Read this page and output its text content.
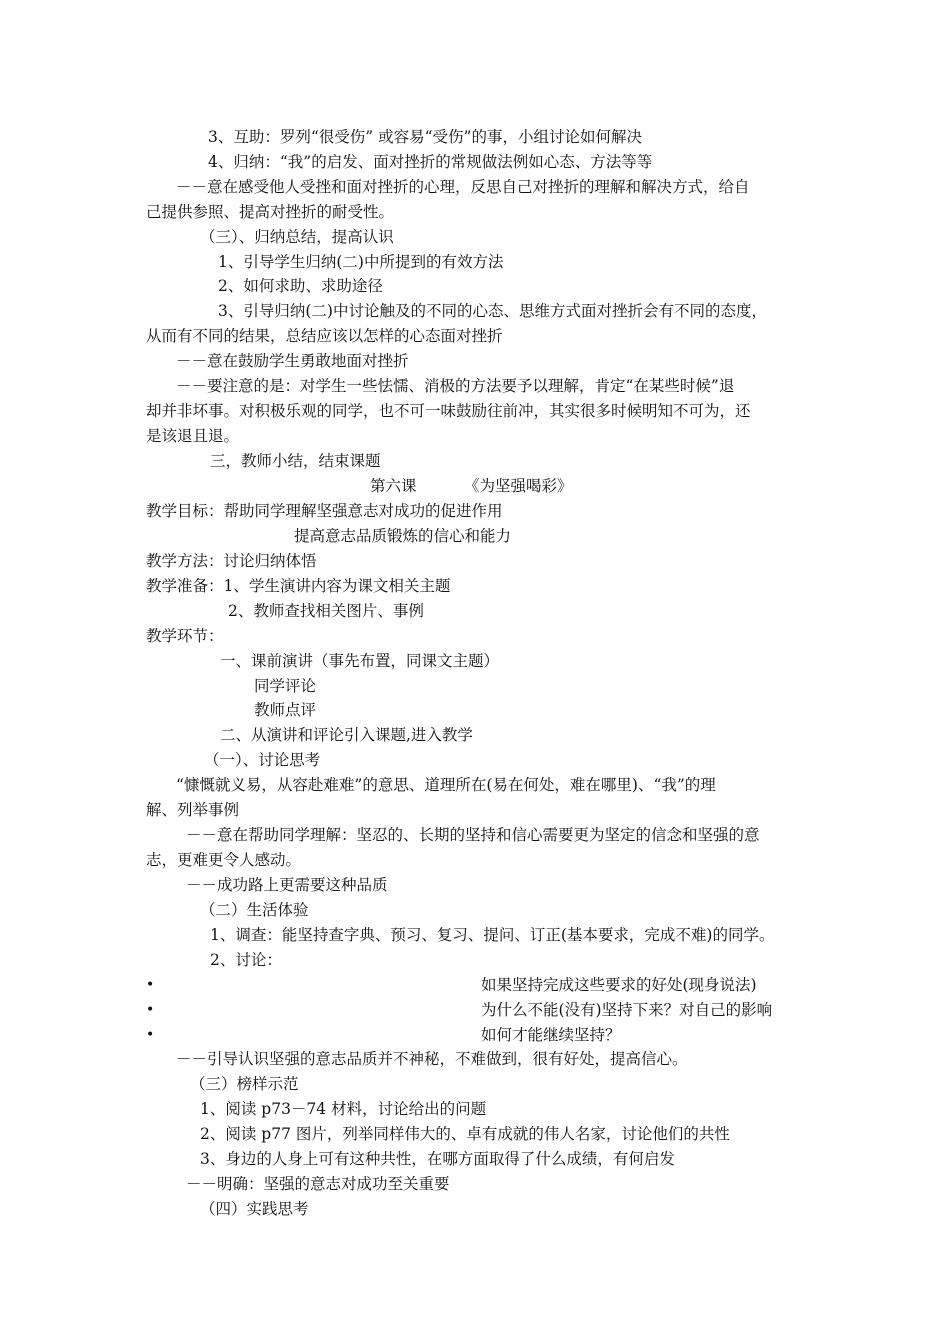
3、互助：罗列“很受伤” 或容易“受伤”的事，小组讨论如何解决
4、归纳：“我”的启发、面对挫折的常规做法例如心态、方法等等
－－意在感受他人受挫和面对挫折的心理，反思自己对挫折的理解和解决方式，给自
己提供参照、提高对挫折的耐受性。
（三）、归纳总结，提高认识
1、引导学生归纳(二)中所提到的有效方法
2、如何求助、求助途径
3、引导归纳(二)中讨论触及的不同的心态、思维方式面对挫折会有不同的态度，
从而有不同的结果，总结应该以怎样的心态面对挫折
－－意在鼓励学生勇敢地面对挫折
－－要注意的是：对学生一些怯懦、消极的方法要予以理解，肯定“在某些时候”退
却并非坏事。对积极乐观的同学，也不可一味鼓励往前冲，其实很多时候明知不可为，还
是该退且退。
三，教师小结，结束课题
第六课	《为坚强喝彩》
教学目标：帮助同学理解坚强意志对成功的促进作用
提高意志品质锻炼的信心和能力
教学方法：讨论归纳体悟
教学准备：1、学生演讲内容为课文相关主题
2、教师查找相关图片、事例
教学环节：
一、课前演讲（事先布置，同课文主题）
同学评论
教师点评
二、从演讲和评论引入课题,进入教学
（一）、讨论思考
“慷慨就义易，从容赴难难”的意思、道理所在(易在何处，难在哪里)、“我”的理
解、列举事例
－－意在帮助同学理解：坚忍的、长期的坚持和信心需要更为坚定的信念和坚强的意
志，更难更令人感动。
－－成功路上更需要这种品质
（二）生活体验
1、调查：能坚持查字典、预习、复习、提问、订正(基本要求，完成不难)的同学。
2、讨论：
•	如果坚持完成这些要求的好处(现身说法)
•	为什么不能(没有)坚持下来？对自己的影响
•	如何才能继续坚持？
－－引导认识坚强的意志品质并不神秘，不难做到，很有好处，提高信心。
（三）榜样示范
1、阅读 p73－74 材料，讨论给出的问题
2、阅读 p77 图片，列举同样伟大的、卓有成就的伟人名家，讨论他们的共性
3、身边的人身上可有这种共性，在哪方面取得了什么成绩，有何启发
－－明确：坚强的意志对成功至关重要
（四）实践思考
